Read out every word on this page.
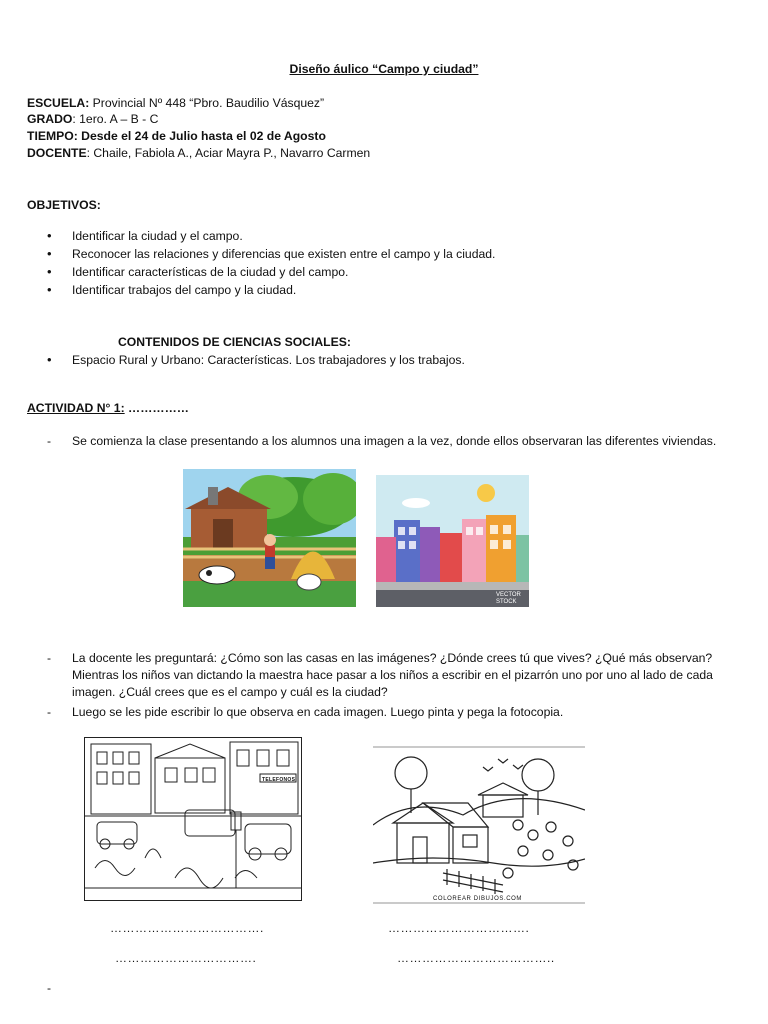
Diseño áulico “Campo y ciudad”
ESCUELA: Provincial Nº 448 “Pbro. Baudilio Vásquez”
GRADO: 1ero. A – B - C
TIEMPO: Desde el 24 de Julio hasta el 02 de Agosto
DOCENTE: Chaile, Fabiola A., Aciar Mayra P., Navarro Carmen
OBJETIVOS:
• Identificar la ciudad y el campo.
• Reconocer las relaciones y diferencias que existen entre el campo y la ciudad.
• Identificar características de la ciudad y del campo.
• Identificar trabajos del campo y la ciudad.
CONTENIDOS DE CIENCIAS SOCIALES:
• Espacio Rural y Urbano: Características. Los trabajadores y los trabajos.
ACTIVIDAD N° 1: ……………
-	Se comienza la clase presentando a los alumnos una imagen a la vez, donde ellos observaran las diferentes viviendas.
VECTOR
STOCK
-	La docente les preguntará: ¿Cómo son las casas en las imágenes? ¿Dónde crees tú que vives? ¿Qué más observan? Mientras los niños van dictando la maestra hace pasar a los niños a escribir en el pizarrón uno por uno al lado de cada imagen. ¿Cuál crees que es el campo y cuál es la ciudad?
-	Luego se les pide escribir lo que observa en cada imagen. Luego pinta y pega la fotocopia.
TELEFONOS
COLOREAR DIBUJOS.COM
……………………………….	…………………………….
…………………………….	………………………………..
-
